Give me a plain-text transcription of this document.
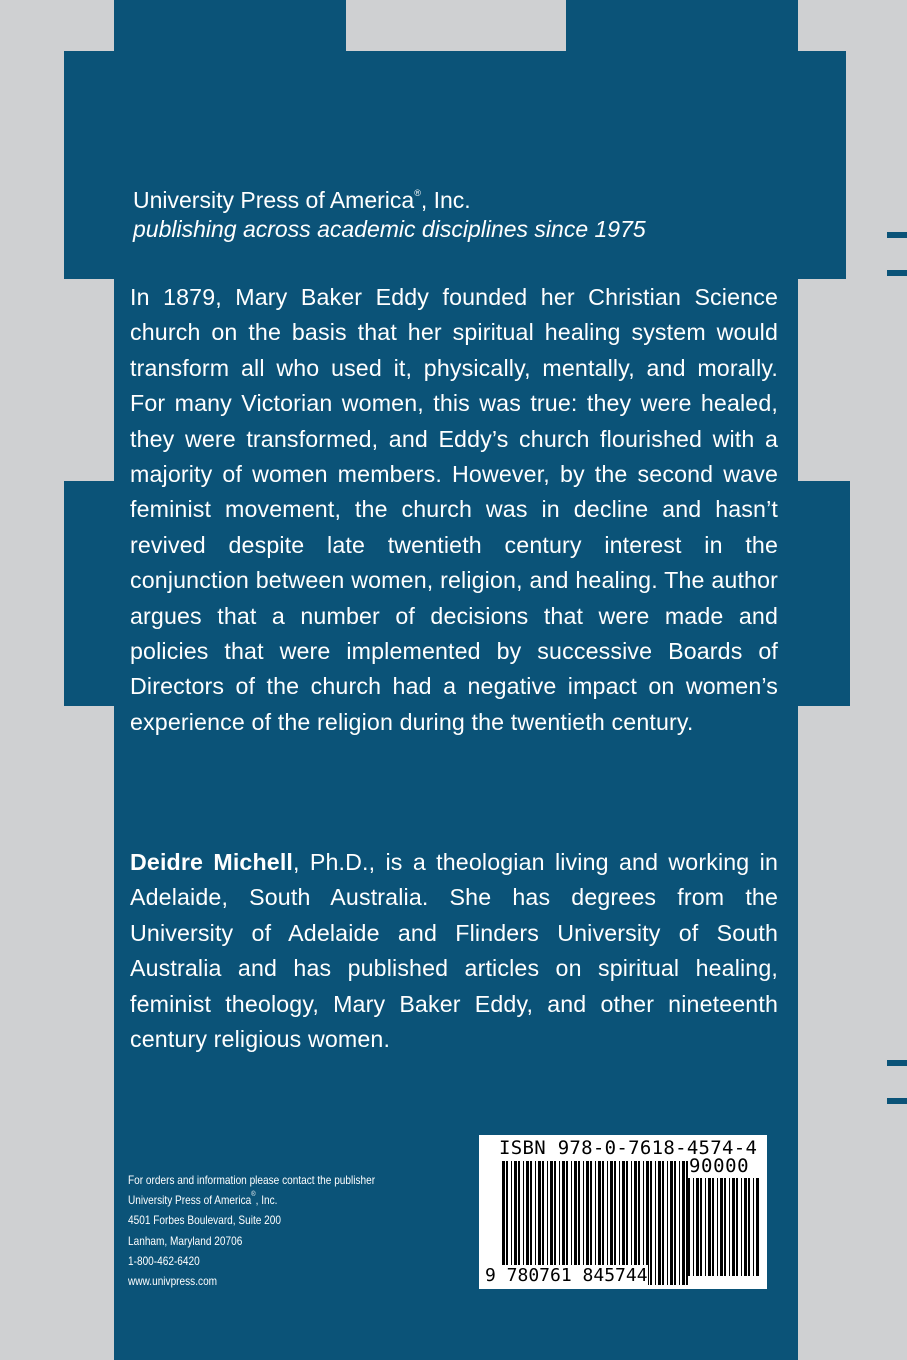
University Press of America®, Inc.
publishing across academic disciplines since 1975

In 1879, Mary Baker Eddy founded her Christian Science church on the basis that her spiritual healing system would transform all who used it, physically, mentally, and morally. For many Victorian women, this was true: they were healed, they were transformed, and Eddy’s church flourished with a majority of women members. However, by the second wave feminist movement, the church was in decline and hasn’t revived despite late twentieth century interest in the conjunction between women, religion, and healing. The author argues that a number of decisions that were made and policies that were implemented by successive Boards of Directors of the church had a negative impact on women’s experience of the religion during the twentieth century.

Deidre Michell, Ph.D., is a theologian living and working in Adelaide, South Australia. She has degrees from the University of Adelaide and Flinders University of South Australia and has published articles on spiritual healing, feminist theology, Mary Baker Eddy, and other nineteenth century religious women.

For orders and information please contact the publisher
University Press of America®, Inc.
4501 Forbes Boulevard, Suite 200
Lanham, Maryland 20706
1-800-462-6420
www.univpress.com
ISBN 978-0-7618-4574-4
90000
9 780761 845744
